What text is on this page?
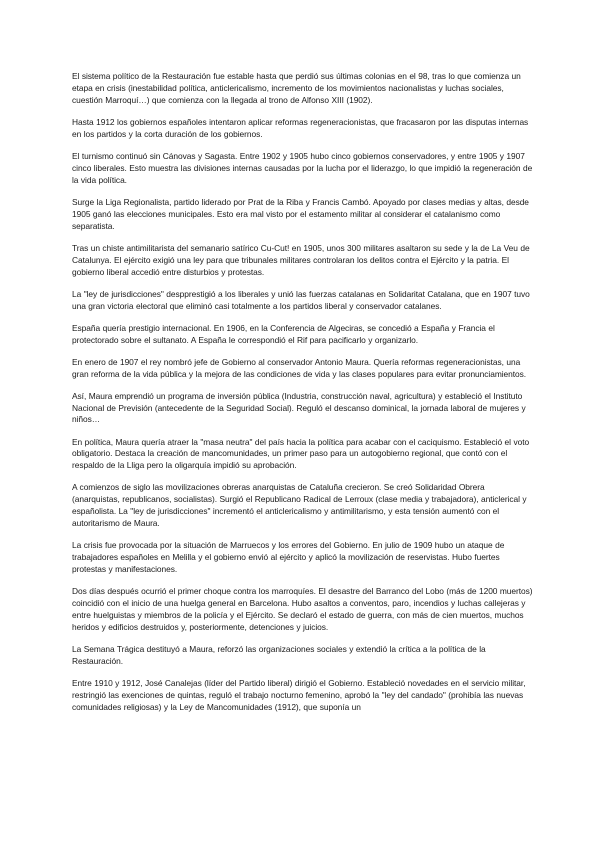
El sistema político de la Restauración fue estable hasta que perdió sus últimas colonias en el 98, tras lo que comienza un etapa en crisis (inestabilidad política, anticlericalismo, incremento de los movimientos nacionalistas y luchas sociales, cuestión Marroquí…) que comienza con la llegada al trono de Alfonso XIII (1902).

Hasta 1912 los gobiernos españoles intentaron aplicar reformas regeneracionistas, que fracasaron por las disputas internas en los partidos y la corta duración de los gobiernos.

El turnismo continuó sin Cánovas y Sagasta. Entre 1902 y 1905 hubo cinco gobiernos conservadores, y entre 1905 y 1907 cinco liberales. Esto muestra las divisiones internas causadas por la lucha por el liderazgo, lo que impidió la regeneración de la vida política.

Surge la Liga Regionalista, partido liderado por Prat de la Riba y Francis Cambó. Apoyado por clases medias y altas, desde 1905 ganó las elecciones municipales. Esto era mal visto por el estamento militar al considerar el catalanismo como separatista.

Tras un chiste antimilitarista del semanario satírico Cu-Cut! en 1905, unos 300 militares asaltaron su sede y la de La Veu de Catalunya. El ejército exigió una ley para que tribunales militares controlaran los delitos contra el Ejército y la patria. El gobierno liberal accedió entre disturbios y protestas.

La "ley de jurisdicciones" despprestigió a los liberales y unió las fuerzas catalanas en Solidaritat Catalana, que en 1907 tuvo una gran victoria electoral que eliminó casi totalmente a los partidos liberal y conservador catalanes.

España quería prestigio internacional. En 1906, en la Conferencia de Algeciras, se concedió a España y Francia el protectorado sobre el sultanato. A España le correspondió el Rif para pacificarlo y organizarlo.

En enero de 1907 el rey nombró jefe de Gobierno al conservador Antonio Maura. Quería reformas regeneracionistas, una gran reforma de la vida pública y la mejora de las condiciones de vida y las clases populares para evitar pronunciamientos.

Así, Maura emprendió un programa de inversión pública (Industria, construcción naval, agricultura) y estableció el Instituto Nacional de Previsión (antecedente de la Seguridad Social). Reguló el descanso dominical, la jornada laboral de mujeres y niños…

En política, Maura quería atraer la "masa neutra" del país hacia la política para acabar con el caciquismo. Estableció el voto obligatorio. Destaca la creación de mancomunidades, un primer paso para un autogobierno regional, que contó con el respaldo de la Lliga pero la oligarquía impidió su aprobación.

A comienzos de siglo las movilizaciones obreras anarquistas de Cataluña crecieron. Se creó Solidaridad Obrera (anarquistas, republicanos, socialistas). Surgió el Republicano Radical de Lerroux (clase media y trabajadora), anticlerical y españolista. La "ley de jurisdicciones" incrementó el anticlericalismo y antimilitarismo, y esta tensión aumentó con el autoritarismo de Maura.

La crisis fue provocada por la situación de Marruecos y los errores del Gobierno. En julio de 1909 hubo un ataque de trabajadores españoles en Melilla y el gobierno envió al ejército y aplicó la movilización de reservistas. Hubo fuertes protestas y manifestaciones.

Dos días después ocurrió el primer choque contra los marroquíes. El desastre del Barranco del Lobo (más de 1200 muertos) coincidió con el inicio de una huelga general en Barcelona. Hubo asaltos a conventos, paro, incendios y luchas callejeras y entre huelguistas y miembros de la policía y el Ejército. Se declaró el estado de guerra, con más de cien muertos, muchos heridos y edificios destruidos y, posteriormente, detenciones y juicios.

La Semana Trágica destituyó a Maura, reforzó las organizaciones sociales y extendió la crítica a la política de la Restauración.

Entre 1910 y 1912, José Canalejas (líder del Partido liberal) dirigió el Gobierno. Estableció novedades en el servicio militar, restringió las exenciones de quintas, reguló el trabajo nocturno femenino, aprobó la "ley del candado" (prohibía las nuevas comunidades religiosas) y la Ley de Mancomunidades (1912), que suponía un
